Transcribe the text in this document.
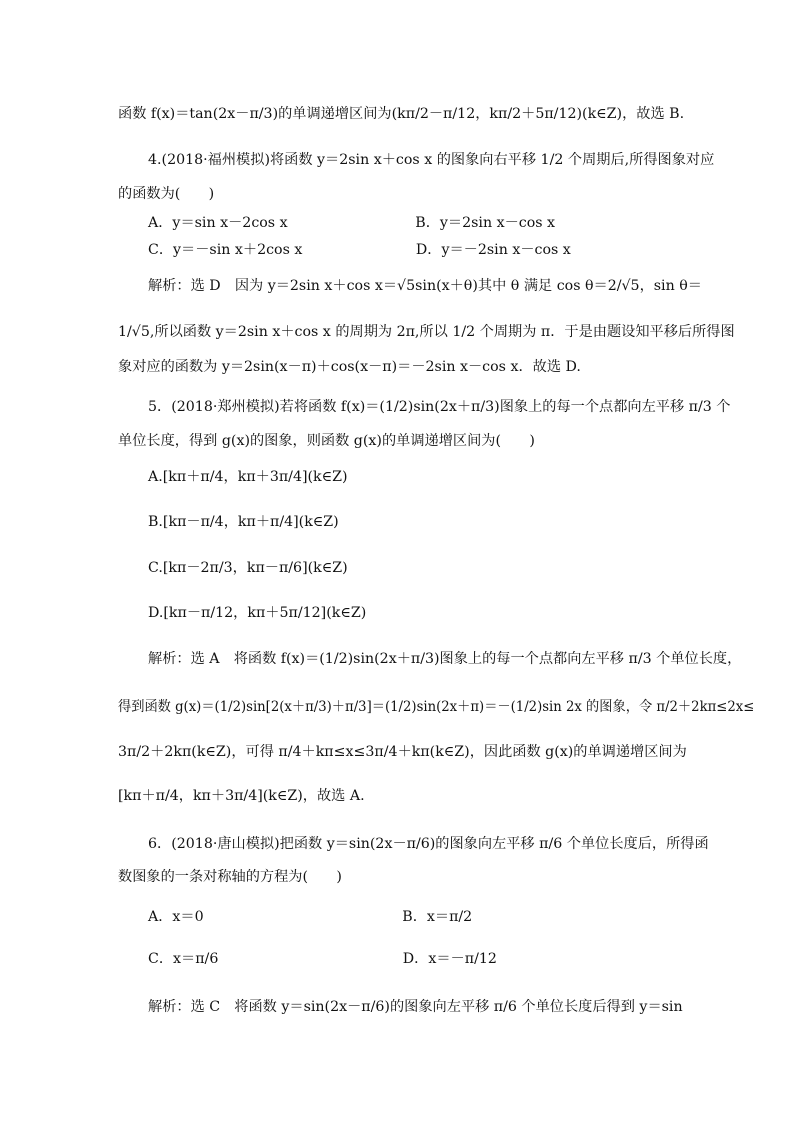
函数 f(x)＝tan(2x－π/3)的单调递增区间为(kπ/2－π/12，kπ/2＋5π/12)(k∈Z)，故选 B.
4.(2018·福州模拟)将函数 y＝2sin x＋cos x 的图象向右平移 1/2 个周期后,所得图象对应
的函数为(　　)
A．y＝sin x－2cos x　　　　　　　　　B．y＝2sin x－cos x
C．y＝－sin x＋2cos x　　　　　　　　D．y＝－2sin x－cos x
解析：选 D　因为 y＝2sin x＋cos x＝√5sin(x＋θ)其中 θ 满足 cos θ＝2/√5，sin θ＝
1/√5,所以函数 y＝2sin x＋cos x 的周期为 2π,所以 1/2 个周期为 π．于是由题设知平移后所得图
象对应的函数为 y＝2sin(x－π)＋cos(x－π)＝－2sin x－cos x．故选 D.
5．(2018·郑州模拟)若将函数 f(x)＝(1/2)sin(2x＋π/3)图象上的每一个点都向左平移 π/3 个
单位长度，得到 g(x)的图象，则函数 g(x)的单调递增区间为(　　)
A.[kπ＋π/4，kπ＋3π/4](k∈Z)
B.[kπ－π/4，kπ＋π/4](k∈Z)
C.[kπ－2π/3，kπ－π/6](k∈Z)
D.[kπ－π/12，kπ＋5π/12](k∈Z)
解析：选 A　将函数 f(x)＝(1/2)sin(2x＋π/3)图象上的每一个点都向左平移 π/3 个单位长度，
得到函数 g(x)＝(1/2)sin[2(x＋π/3)＋π/3]＝(1/2)sin(2x＋π)＝－(1/2)sin 2x 的图象，令 π/2＋2kπ≤2x≤
3π/2＋2kπ(k∈Z)，可得 π/4＋kπ≤x≤3π/4＋kπ(k∈Z)，因此函数 g(x)的单调递增区间为
[kπ＋π/4，kπ＋3π/4](k∈Z)，故选 A.
6．(2018·唐山模拟)把函数 y＝sin(2x－π/6)的图象向左平移 π/6 个单位长度后，所得函
数图象的一条对称轴的方程为(　　)
A．x＝0　　　　　　　　　　　　　　B．x＝π/2
C．x＝π/6　　　　　　　　　　　　　D．x＝－π/12
解析：选 C　将函数 y＝sin(2x－π/6)的图象向左平移 π/6 个单位长度后得到 y＝sin
